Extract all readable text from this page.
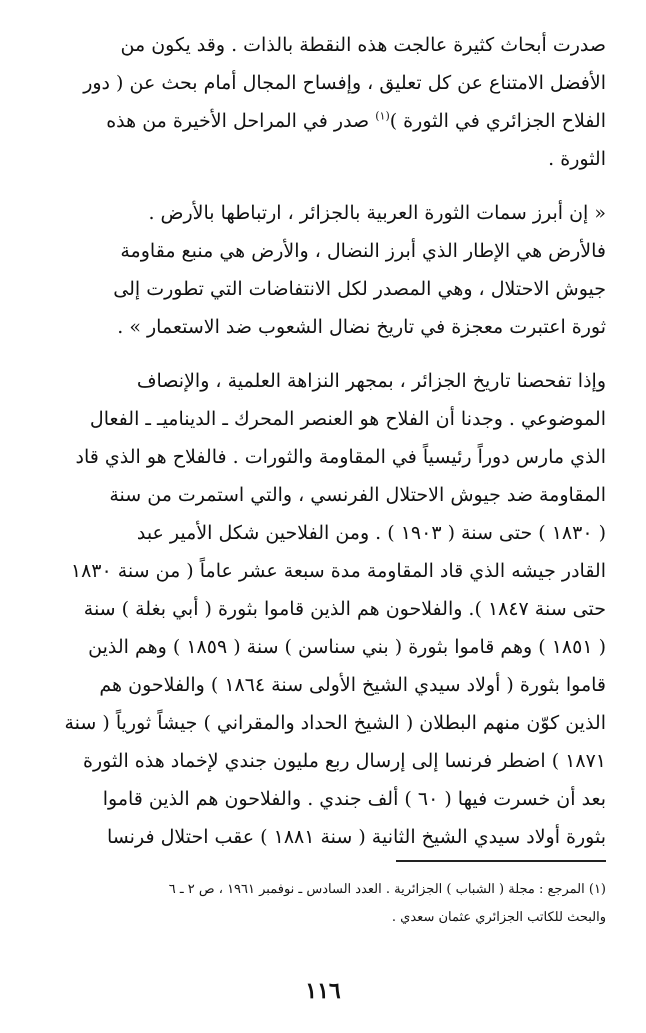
صدرت أبحاث كثيرة عالجت هذه النقطة بالذات . وقد يكون من
الأفضل الامتناع عن كل تعليق ، وإفساح المجال أمام بحث عن ( دور
الفلاح الجزائري في الثورة )$^{(١)}$ صدر في المراحل الأخيرة من هذه
الثورة .

« إن أبرز سمات الثورة العربية بالجزائر ، ارتباطها بالأرض .
فالأرض هي الإطار الذي أبرز النضال ، والأرض هي منبع مقاومة
جيوش الاحتلال ، وهي المصدر لكل الانتفاضات التي تطورت إلى
ثورة اعتبرت معجزة في تاريخ نضال الشعوب ضد الاستعمار » .

وإذا تفحصنا تاريخ الجزائر ، بمجهر النزاهة العلمية ، والإنصاف
الموضوعي . وجدنا أن الفلاح هو العنصر المحرك ـ الديناميـ ـ الفعال
الذي مارس دوراً رئيسياً في المقاومة والثورات . فالفلاح هو الذي قاد
المقاومة ضد جيوش الاحتلال الفرنسي ، والتي استمرت من سنة
( ١٨٣٠ ) حتى سنة ( ١٩٠٣ ) . ومن الفلاحين شكل الأمير عبد
القادر جيشه الذي قاد المقاومة مدة سبعة عشر عاماً ( من سنة ١٨٣٠
حتى سنة ١٨٤٧ ). والفلاحون هم الذين قاموا بثورة ( أبي بغلة ) سنة
( ١٨٥١ ) وهم قاموا بثورة ( بني سناسن ) سنة ( ١٨٥٩ ) وهم الذين
قاموا بثورة ( أولاد سيدي الشيخ الأولى سنة ١٨٦٤ ) والفلاحون هم
الذين كوّن منهم البطلان ( الشيخ الحداد والمقراني ) جيشاً ثورياً ( سنة
١٨٧١ ) اضطر فرنسا إلى إرسال ربع مليون جندي لإخماد هذه الثورة
بعد أن خسرت فيها ( ٦٠ ) ألف جندي . والفلاحون هم الذين قاموا
بثورة أولاد سيدي الشيخ الثانية ( سنة ١٨٨١ ) عقب احتلال فرنسا

(١) المرجع : مجلة ( الشباب ) الجزائرية . العدد السادس ـ نوفمبر ١٩٦١ ، ص ٢ ـ ٦
والبحث للكاتب الجزائري عثمان سعدي .
١١٦
